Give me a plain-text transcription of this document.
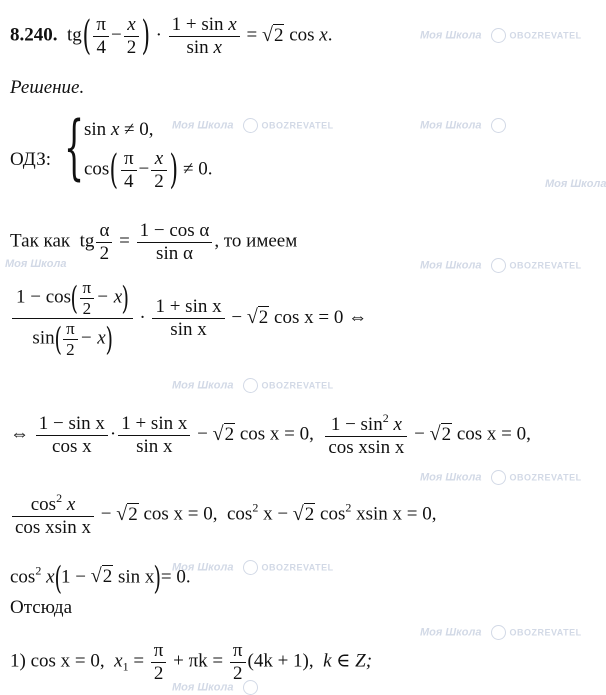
Моя Школа	OBOZREVATEL
Моя Школа	OBOZREVATEL	Моя Школа
Моя Школа
Моя Школа	OBOZREVATEL
Моя Школа
Моя Школа	OBOZREVATEL
Моя Школа	OBOZREVATEL
Моя Школа	OBOZREVATEL
Моя Школа	OBOZREVATEL
Моя Школа
8.240. $tg( \frac{\pi}{4} - \frac{x}{2}$ ) · $\frac{\text{1 + sin x}}{\text{sin x}} = √2$ cos x.
Решение.
ОДЗ: { sin x ≠ 0,
$\cos( \frac{\pi}{4} - \frac{x}{2}$ ) ≠ 0.
Так как tg $\frac{\alpha}{2} = \frac{\text{1 − cos α}}{\text{sin α}}$ , то имеем
$\frac{1 - \cos( \frac{\pi}{2} - x)}{\sin( \frac{\pi}{2} - x)} \cdot \frac{\text{1 + sin x}}{\text{sin x}} - √2$ cos x = 0 ⇔
⇔ $\frac{\text{1 − sin x}}{\text{cos x}} \cdot \frac{\text{1 + sin x}}{\text{sin x}} - √2$ cos x = 0, $\frac{1 - \sin^2 x}{\text{cos xsin x}} - √2$ cos x = 0,
$\frac{\cos^2 x}{\text{cos xsin x}} - √2$ cos x = 0, $\cos^2 x - √2$ $\cos^2 xsin$ x = 0,
$\cos^2 x(1 - √2$ sin x)= 0.
Отсюда
1) cos x = 0, $x_1 = \frac{\pi}{2} + \pi k = \frac{\pi}{2} (4k + 1)$, k ∈ Z;
